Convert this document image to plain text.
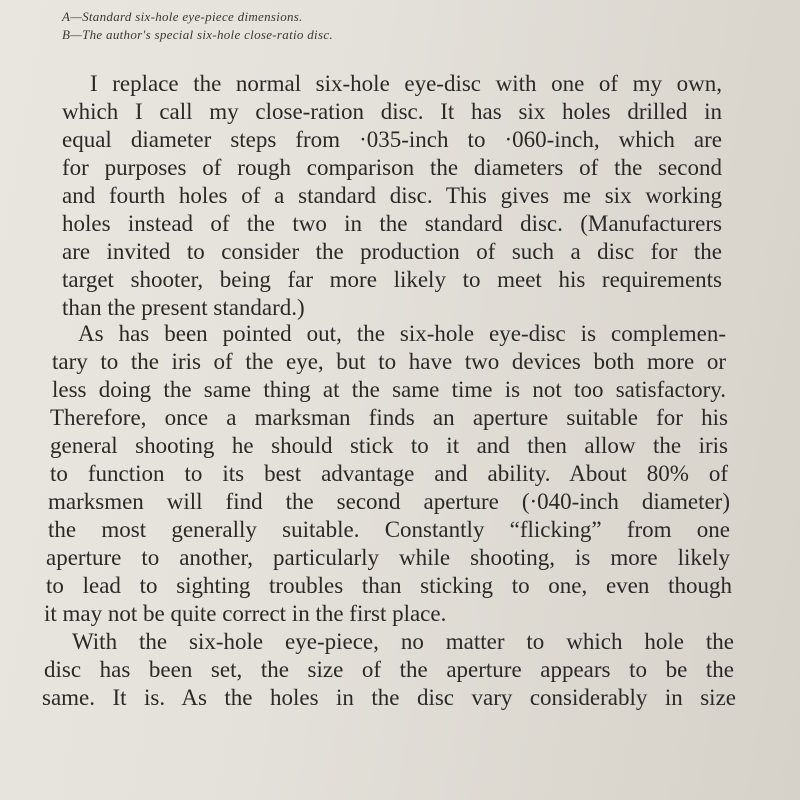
A—Standard six-hole eye-piece dimensions.
B—The author's special six-hole close-ratio disc.
I replace the normal six-hole eye-disc with one of my own,
which I call my close-ration disc. It has six holes drilled in
equal diameter steps from ·035-inch to ·060-inch, which are
for purposes of rough comparison the diameters of the second
and fourth holes of a standard disc. This gives me six working
holes instead of the two in the standard disc. (Manufacturers
are invited to consider the production of such a disc for the
target shooter, being far more likely to meet his requirements
than the present standard.)
As has been pointed out, the six-hole eye-disc is complemen-
tary to the iris of the eye, but to have two devices both more or
less doing the same thing at the same time is not too satisfactory.
Therefore, once a marksman finds an aperture suitable for his
general shooting he should stick to it and then allow the iris
to function to its best advantage and ability. About 80% of
marksmen will find the second aperture (·040-inch diameter)
the most generally suitable. Constantly “flicking” from one
aperture to another, particularly while shooting, is more likely
to lead to sighting troubles than sticking to one, even though
it may not be quite correct in the first place.
With the six-hole eye-piece, no matter to which hole the
disc has been set, the size of the aperture appears to be the
same. It is. As the holes in the disc vary considerably in size
